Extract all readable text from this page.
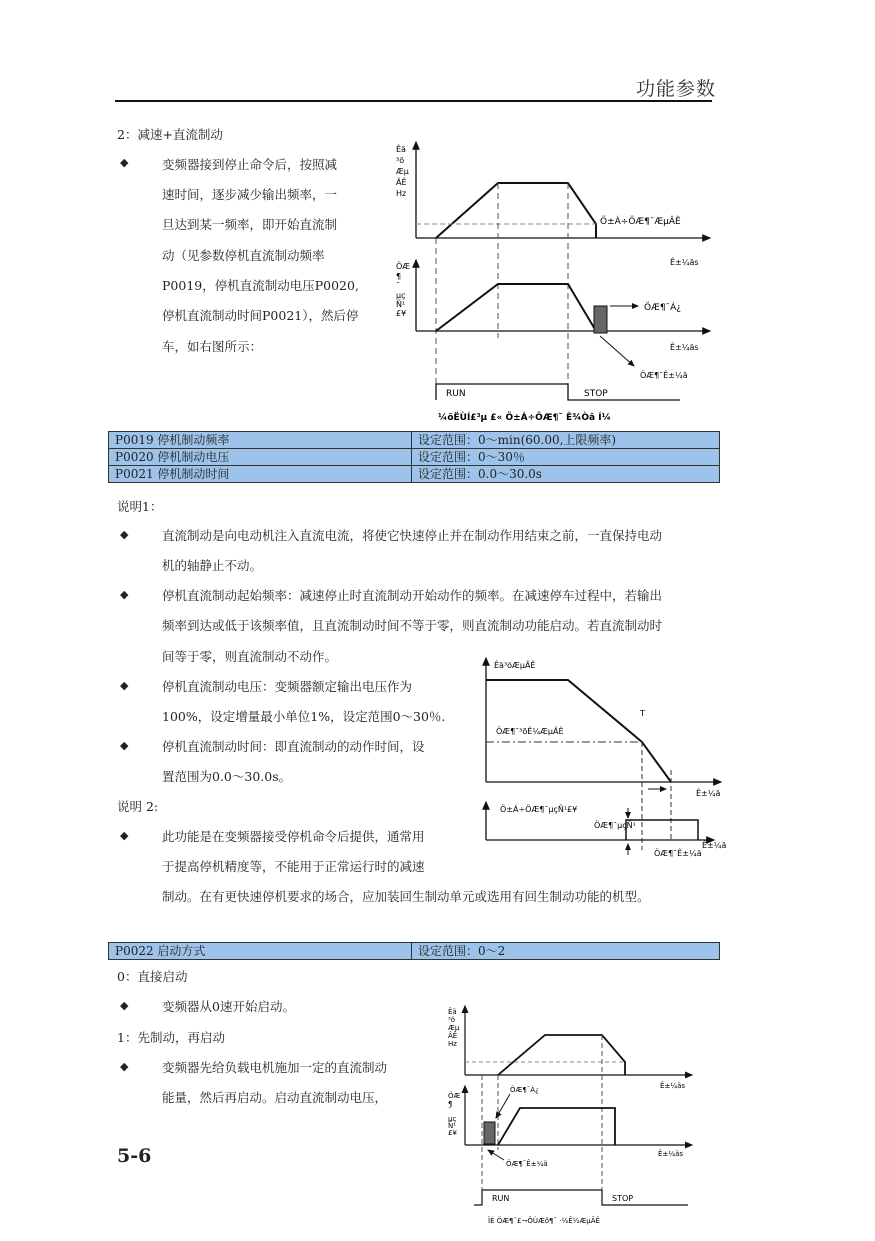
功能参数
2：减速+直流制动
◆	变频器接到停止命令后，按照减
速时间，逐步减少输出频率，一
旦达到某一频率，即开始直流制
动（见参数停机直流制动频率
P0019，停机直流制动电压P0020,
停机直流制动时间P0021），然后停
车，如右图所示：
Êä
³ö
Æµ
ÂÊ
Hz
Ö±Á÷ÖÆ¶¯ÆµÂÊ
Ê±¼äs
ÖÆ
¶
¯
µç
Ñ¹
£¥
ÖÆ¶¯Á¿
Ê±¼äs
ÖÆ¶¯Ê±¼ä
RUN	STOP
¼õËÙÍ£³µ £« Ö±Á÷ÖÆ¶¯ Ê¾Òâ Í¼
P0019 停机制动频率	设定范围：0～min(60.00,上限频率)
P0020 停机制动电压	设定范围：0～30％
P0021 停机制动时间	设定范围：0.0～30.0s
说明1：
◆	直流制动是向电动机注入直流电流，将使它快速停止并在制动作用结束之前，一直保持电动
机的轴静止不动。
◆	停机直流制动起始频率：减速停止时直流制动开始动作的频率。在减速停车过程中，若输出
频率到达或低于该频率值，且直流制动时间不等于零，则直流制动功能启动。若直流制动时
间等于零，则直流制动不动作。
◆	停机直流制动电压：变频器额定输出电压作为
100%，设定增量最小单位1%，设定范围0～30％.
◆	停机直流制动时间：即直流制动的动作时间，设
置范围为0.0～30.0s。
说明 2:
◆	此功能是在变频器接受停机命令后提供，通常用
于提高停机精度等，不能用于正常运行时的减速
制动。在有更快速停机要求的场合，应加装回生制动单元或选用有回生制动功能的机型。
Êä³öÆµÂÊ
ÖÆ¶¯³õÊ¼ÆµÂÊ
T
Ê±¼ä
Ö±Á÷ÖÆ¶¯µçÑ¹£¥
ÖÆ¶¯µçÑ¹
ÖÆ¶¯Ê±¼ä
Ê±¼ä
P0022 启动方式	设定范围：0～2
0：直接启动
◆	变频器从0速开始启动。
1：先制动，再启动
◆	变频器先给负载电机施加一定的直流制动
能量，然后再启动。启动直流制动电压，
Êä
³ö
Æµ
ÂÊ
Hz
Ê±¼äs
ÖÆ
¶
¯
µç
Ñ¹
£¥
ÖÆ¶¯Á¿
Ê±¼äs
ÖÆ¶¯Ê±¼ä
RUN	STOP
ÏÈ ÖÆ¶¯£¬ÔÙÆô¶¯ ·½Ê½ÆµÂÊ
5-6
